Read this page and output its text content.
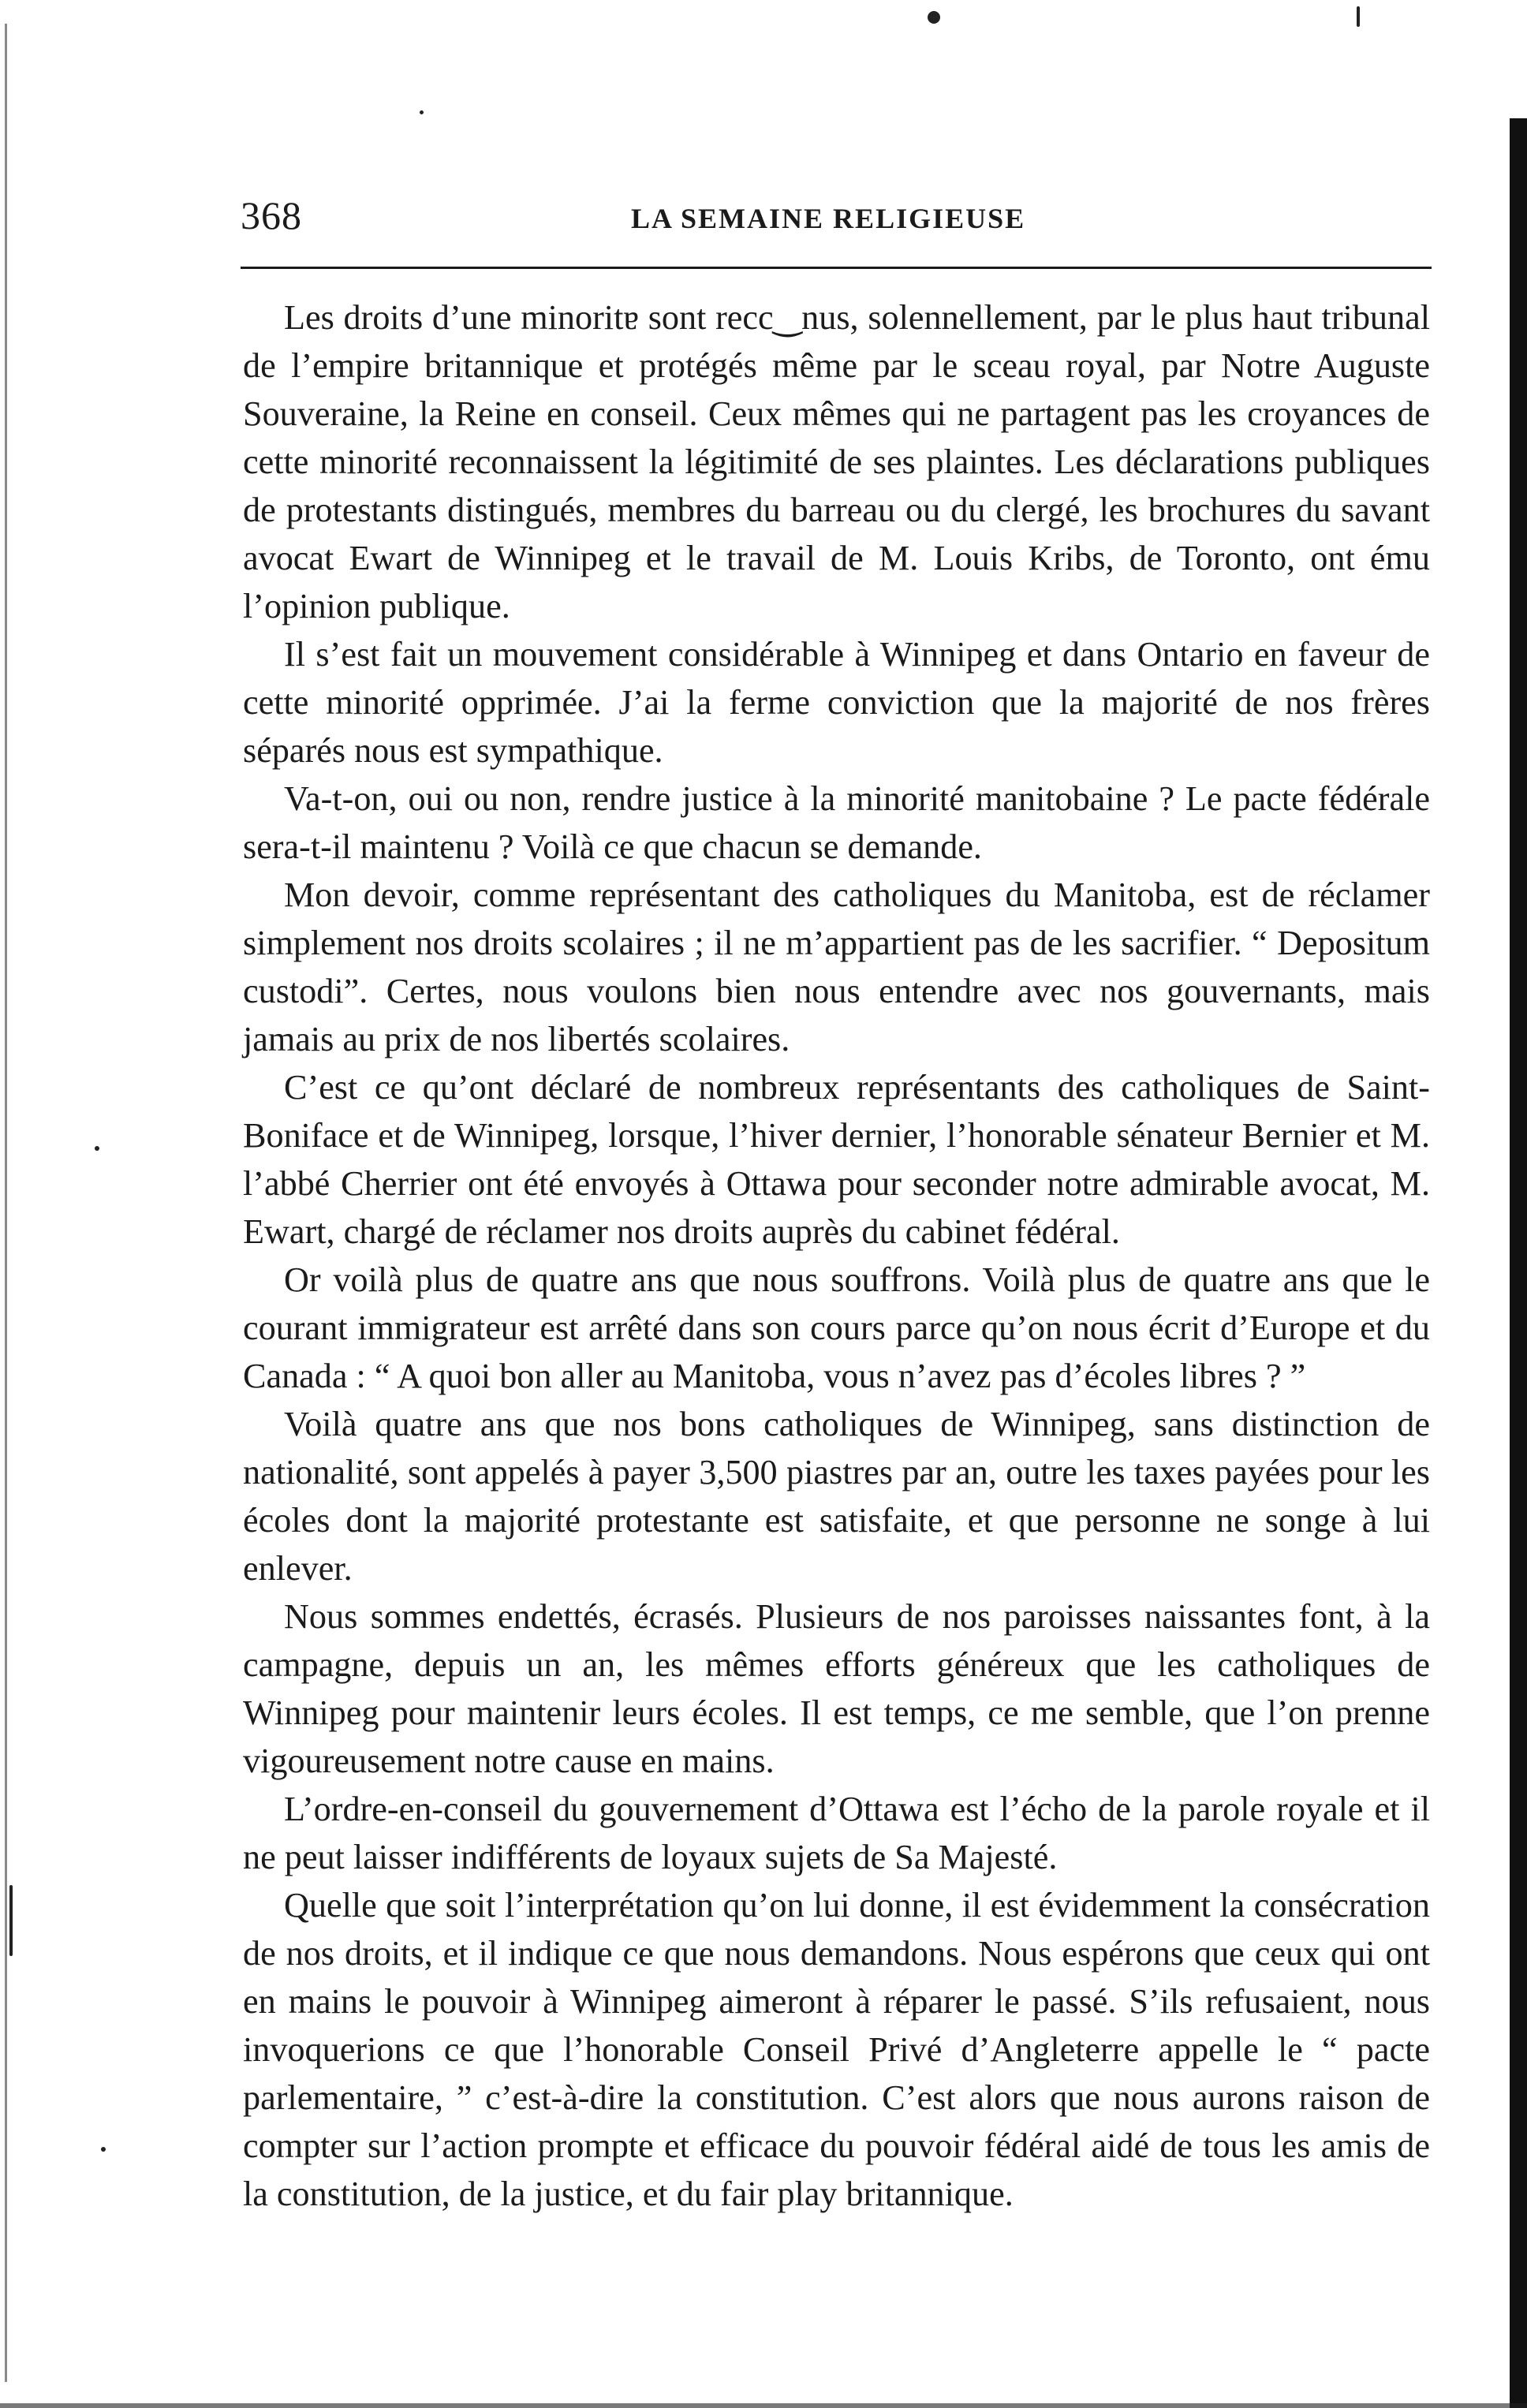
368	LA SEMAINE RELIGIEUSE

Les droits d’une minoritɐ sont recc‿nus, solennellement, par le plus haut tribunal de l’empire britannique et protégés même par le sceau royal, par Notre Auguste Souveraine, la Reine en conseil. Ceux mêmes qui ne partagent pas les croyances de cette minorité reconnaissent la légitimité de ses plaintes. Les déclarations publiques de protestants distingués, membres du barreau ou du clergé, les brochures du savant avocat Ewart de Winnipeg et le travail de M. Louis Kribs, de Toronto, ont ému l’opinion publique.

Il s’est fait un mouvement considérable à Winnipeg et dans Ontario en faveur de cette minorité opprimée. J’ai la ferme conviction que la majorité de nos frères séparés nous est sympathique.

Va-t-on, oui ou non, rendre justice à la minorité manitobaine ? Le pacte fédérale sera-t-il maintenu ? Voilà ce que chacun se demande.

Mon devoir, comme représentant des catholiques du Manitoba, est de réclamer simplement nos droits scolaires ; il ne m’appartient pas de les sacrifier. “ Depositum custodi”. Certes, nous voulons bien nous entendre avec nos gouvernants, mais jamais au prix de nos libertés scolaires.

C’est ce qu’ont déclaré de nombreux représentants des catholiques de Saint-Boniface et de Winnipeg, lorsque, l’hiver dernier, l’honorable sénateur Bernier et M. l’abbé Cherrier ont été envoyés à Ottawa pour seconder notre admirable avocat, M. Ewart, chargé de réclamer nos droits auprès du cabinet fédéral.

Or voilà plus de quatre ans que nous souffrons. Voilà plus de quatre ans que le courant immigrateur est arrêté dans son cours parce qu’on nous écrit d’Europe et du Canada : “ A quoi bon aller au Manitoba, vous n’avez pas d’écoles libres ? ”

Voilà quatre ans que nos bons catholiques de Winnipeg, sans distinction de nationalité, sont appelés à payer 3,500 piastres par an, outre les taxes payées pour les écoles dont la majorité protestante est satisfaite, et que personne ne songe à lui enlever.

Nous sommes endettés, écrasés. Plusieurs de nos paroisses naissantes font, à la campagne, depuis un an, les mêmes efforts généreux que les catholiques de Winnipeg pour maintenir leurs écoles. Il est temps, ce me semble, que l’on prenne vigoureusement notre cause en mains.

L’ordre-en-conseil du gouvernement d’Ottawa est l’écho de la parole royale et il ne peut laisser indifférents de loyaux sujets de Sa Majesté.

Quelle que soit l’interprétation qu’on lui donne, il est évidemment la consécration de nos droits, et il indique ce que nous demandons. Nous espérons que ceux qui ont en mains le pouvoir à Winnipeg aimeront à réparer le passé. S’ils refusaient, nous invoquerions ce que l’honorable Conseil Privé d’Angleterre appelle le “ pacte parlementaire, ” c’est-à-dire la constitution. C’est alors que nous aurons raison de compter sur l’action prompte et efficace du pouvoir fédéral aidé de tous les amis de la constitution, de la justice, et du fair play britannique.
